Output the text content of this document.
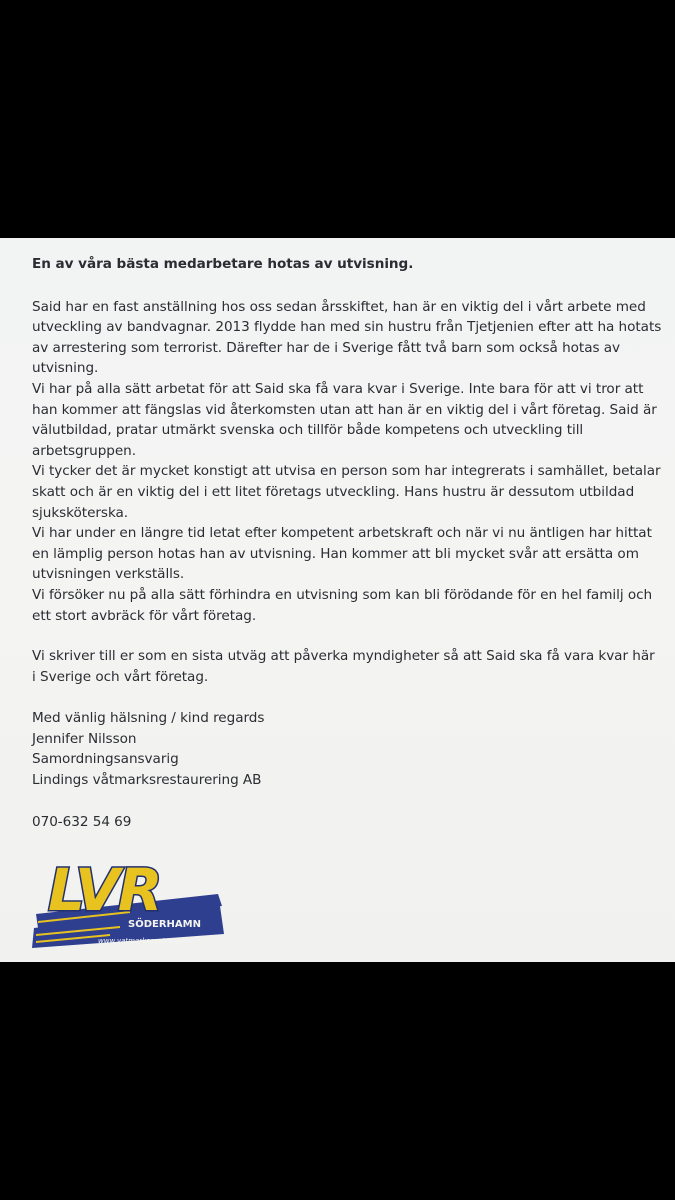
En av våra bästa medarbetare hotas av utvisning.

Said har en fast anställning hos oss sedan årsskiftet, han är en viktig del i vårt arbete med utveckling av bandvagnar. 2013 flydde han med sin hustru från Tjetjenien efter att ha hotats av arrestering som terrorist. Därefter har de i Sverige fått två barn som också hotas av utvisning.

Vi har på alla sätt arbetat för att Said ska få vara kvar i Sverige. Inte bara för att vi tror att han kommer att fängslas vid återkomsten utan att han är en viktig del i vårt företag. Said är välutbildad, pratar utmärkt svenska och tillför både kompetens och utveckling till arbetsgruppen.

Vi tycker det är mycket konstigt att utvisa en person som har integrerats i samhället, betalar skatt och är en viktig del i ett litet företags utveckling. Hans hustru är dessutom utbildad sjuksköterska.

Vi har under en längre tid letat efter kompetent arbetskraft och när vi nu äntligen har hittat en lämplig person hotas han av utvisning. Han kommer att bli mycket svår att ersätta om utvisningen verkställs.

Vi försöker nu på alla sätt förhindra en utvisning som kan bli förödande för en hel familj och ett stort avbräck för vårt företag.

Vi skriver till er som en sista utväg att påverka myndigheter så att Said ska få vara kvar här i Sverige och vårt företag.

Med vänlig hälsning / kind regards

Jennifer Nilsson

Samordningsansvarig

Lindings våtmarksrestaurering AB

070-632 54 69

LVR
SÖDERHAMN
www.vatmarkscentrum.se
